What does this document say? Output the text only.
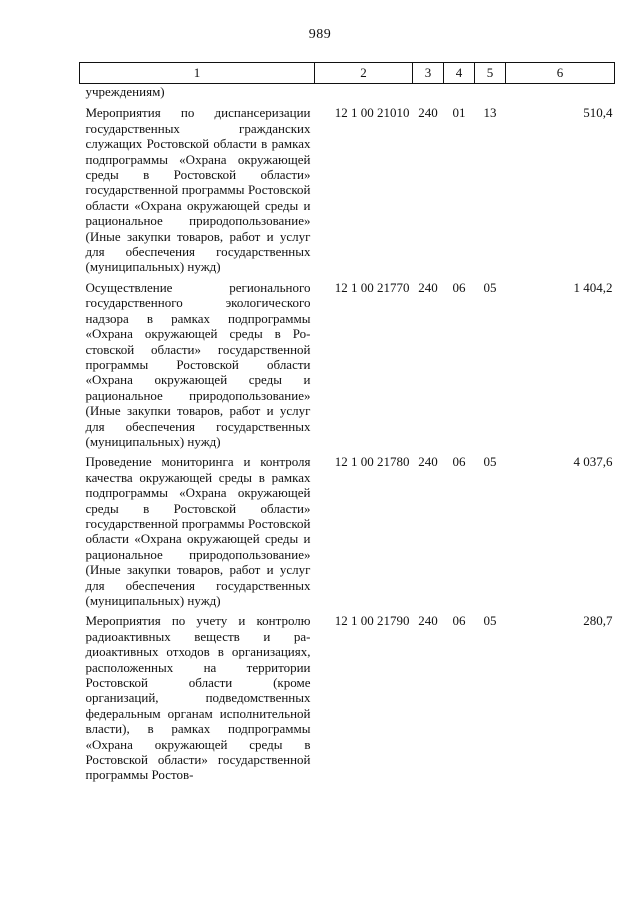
989
1	2	3	4	5	6
учреждениям)					
Мероприятия по диспансеризации государственных гражданских служащих Ростовской области в рамках подпрограммы «Охрана окружающей среды в Ростовской области» государственной программы Ростовской области «Охрана окружающей среды и рациональное природопользование» (Иные закупки товаров, работ и услуг для обеспечения государственных (муниципальных) нужд)	12 1 00 21010	240	01	13	510,4
Осуществление регионального государственного экологического надзора в рамках подпрограммы «Охрана окружающей среды в Ростовской области» государственной программы Ростовской области «Охрана окружающей среды и рациональное природопользование» (Иные закупки товаров, работ и услуг для обеспечения государственных (муниципальных) нужд)	12 1 00 21770	240	06	05	1 404,2
Проведение мониторинга и контроля качества окружающей среды в рамках подпрограммы «Охрана окружающей среды в Ростовской области» государственной программы Ростовской области «Охрана окружающей среды и рациональное природопользование» (Иные закупки товаров, работ и услуг для обеспечения государственных (муниципальных) нужд)	12 1 00 21780	240	06	05	4 037,6
Мероприятия по учету и контролю радиоактивных веществ и радиоактивных отходов в организациях, расположенных на территории Ростовской области (кроме организаций, подведомственных федеральным органам исполнительной власти), в рамках подпрограммы «Охрана окружающей среды в Ростовской области» государственной программы Ростов-	12 1 00 21790	240	06	05	280,7
